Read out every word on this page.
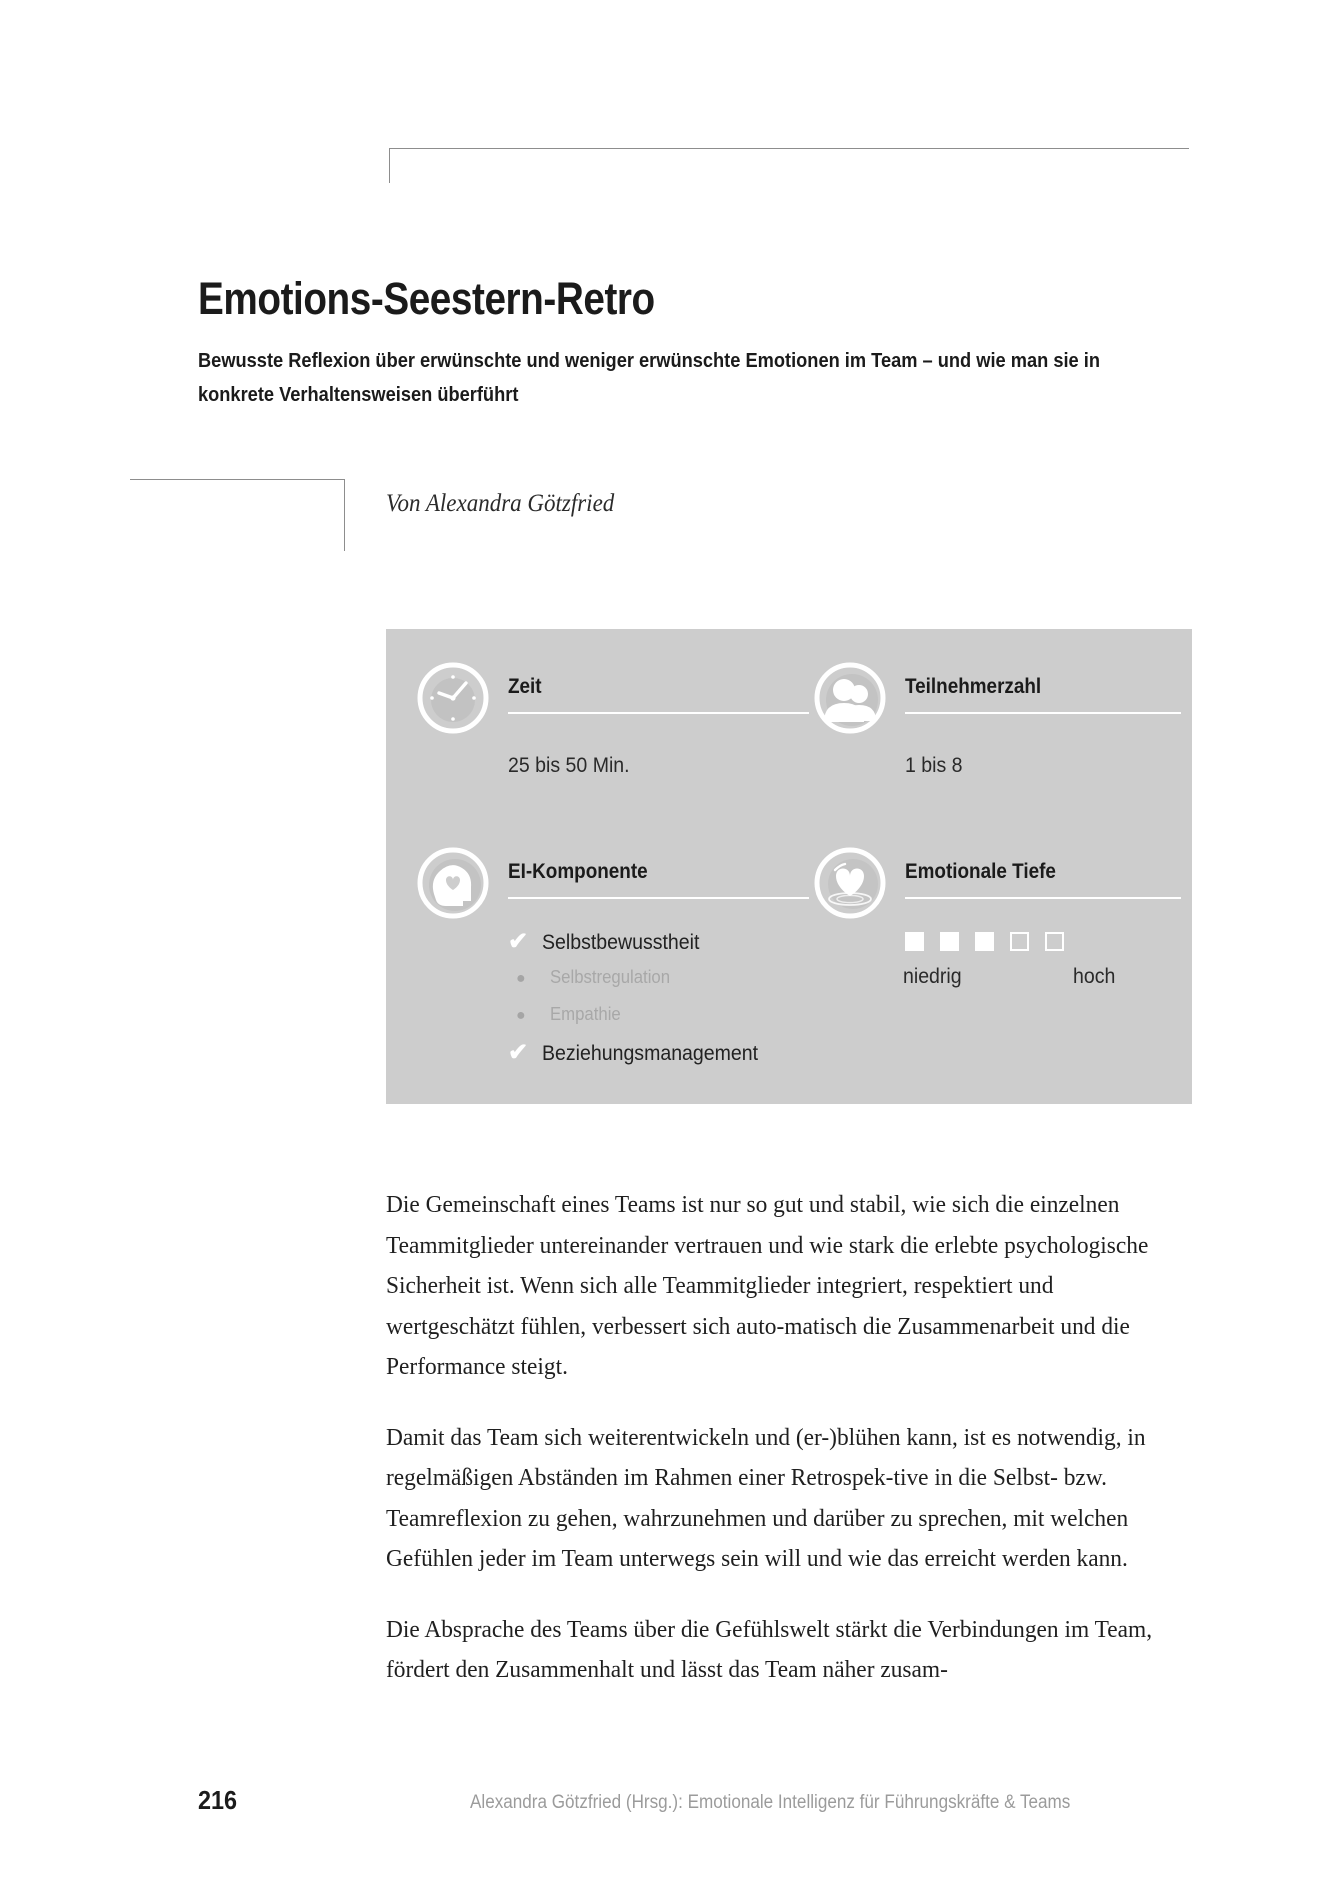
Emotions-Seestern-Retro
Bewusste Reflexion über erwünschte und weniger erwünschte Emotionen im Team – und wie man sie in konkrete Verhaltensweisen überführt
Von Alexandra Götzfried
Zeit
25 bis 50 Min.
Teilnehmerzahl
1 bis 8
EI-Komponente
✔ Selbstbewusstheit
●	Selbstregulation
●	Empathie
✔ Beziehungsmanagement
Emotionale Tiefe
niedrig	hoch

Die Gemeinschaft eines Teams ist nur so gut und stabil, wie sich die einzelnen Teammitglieder untereinander vertrauen und wie stark die erlebte psychologische Sicherheit ist. Wenn sich alle Teammitglieder integriert, respektiert und wertgeschätzt fühlen, verbessert sich auto-matisch die Zusammenarbeit und die Performance steigt.

Damit das Team sich weiterentwickeln und (er-)blühen kann, ist es notwendig, in regelmäßigen Abständen im Rahmen einer Retrospek-tive in die Selbst- bzw. Teamreflexion zu gehen, wahrzunehmen und darüber zu sprechen, mit welchen Gefühlen jeder im Team unterwegs sein will und wie das erreicht werden kann.

Die Absprache des Teams über die Gefühlswelt stärkt die Verbindungen im Team, fördert den Zusammenhalt und lässt das Team näher zusam-

216	Alexandra Götzfried (Hrsg.): Emotionale Intelligenz für Führungskräfte & Teams
